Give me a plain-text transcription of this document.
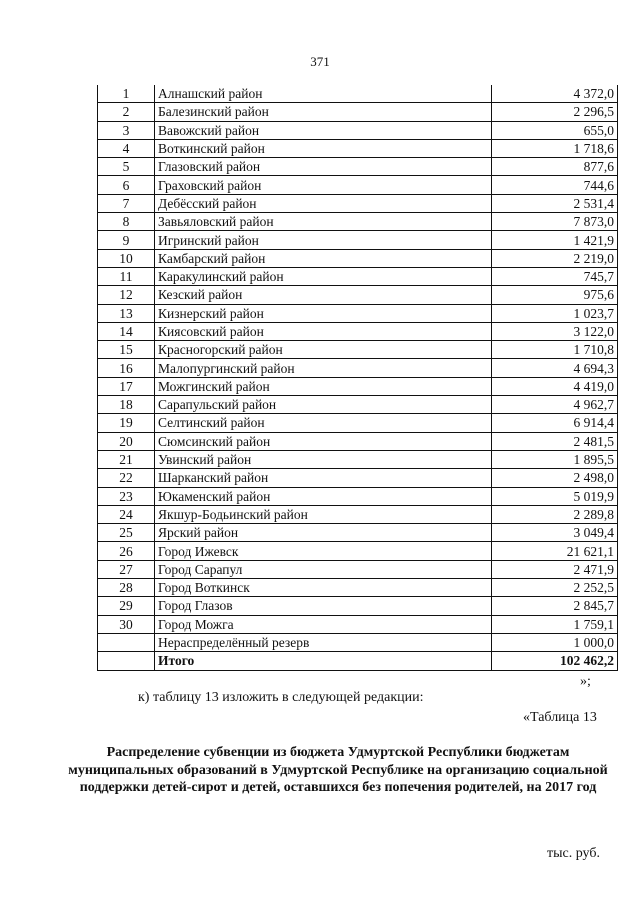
371
1	Алнашский район	4 372,0
2	Балезинский район	2 296,5
3	Вавожский район	655,0
4	Воткинский район	1 718,6
5	Глазовский район	877,6
6	Граховский район	744,6
7	Дебёсский район	2 531,4
8	Завьяловский район	7 873,0
9	Игринский район	1 421,9
10	Камбарский район	2 219,0
11	Каракулинский район	745,7
12	Кезский район	975,6
13	Кизнерский район	1 023,7
14	Киясовский район	3 122,0
15	Красногорский район	1 710,8
16	Малопургинский район	4 694,3
17	Можгинский район	4 419,0
18	Сарапульский район	4 962,7
19	Селтинский район	6 914,4
20	Сюмсинский район	2 481,5
21	Увинский район	1 895,5
22	Шарканский район	2 498,0
23	Юкаменский район	5 019,9
24	Якшур-Бодьинский район	2 289,8
25	Ярский район	3 049,4
26	Город Ижевск	21 621,1
27	Город Сарапул	2 471,9
28	Город Воткинск	2 252,5
29	Город Глазов	2 845,7
30	Город Можга	1 759,1
	Нераспределённый резерв	1 000,0
	Итого	102 462,2
»;
к) таблицу 13 изложить в следующей редакции:
«Таблица 13
Распределение субвенции из бюджета Удмуртской Республики бюджетам муниципальных образований в Удмуртской Республике на организацию социальной поддержки детей-сирот и детей, оставшихся без попечения родителей, на 2017 год
тыс. руб.
